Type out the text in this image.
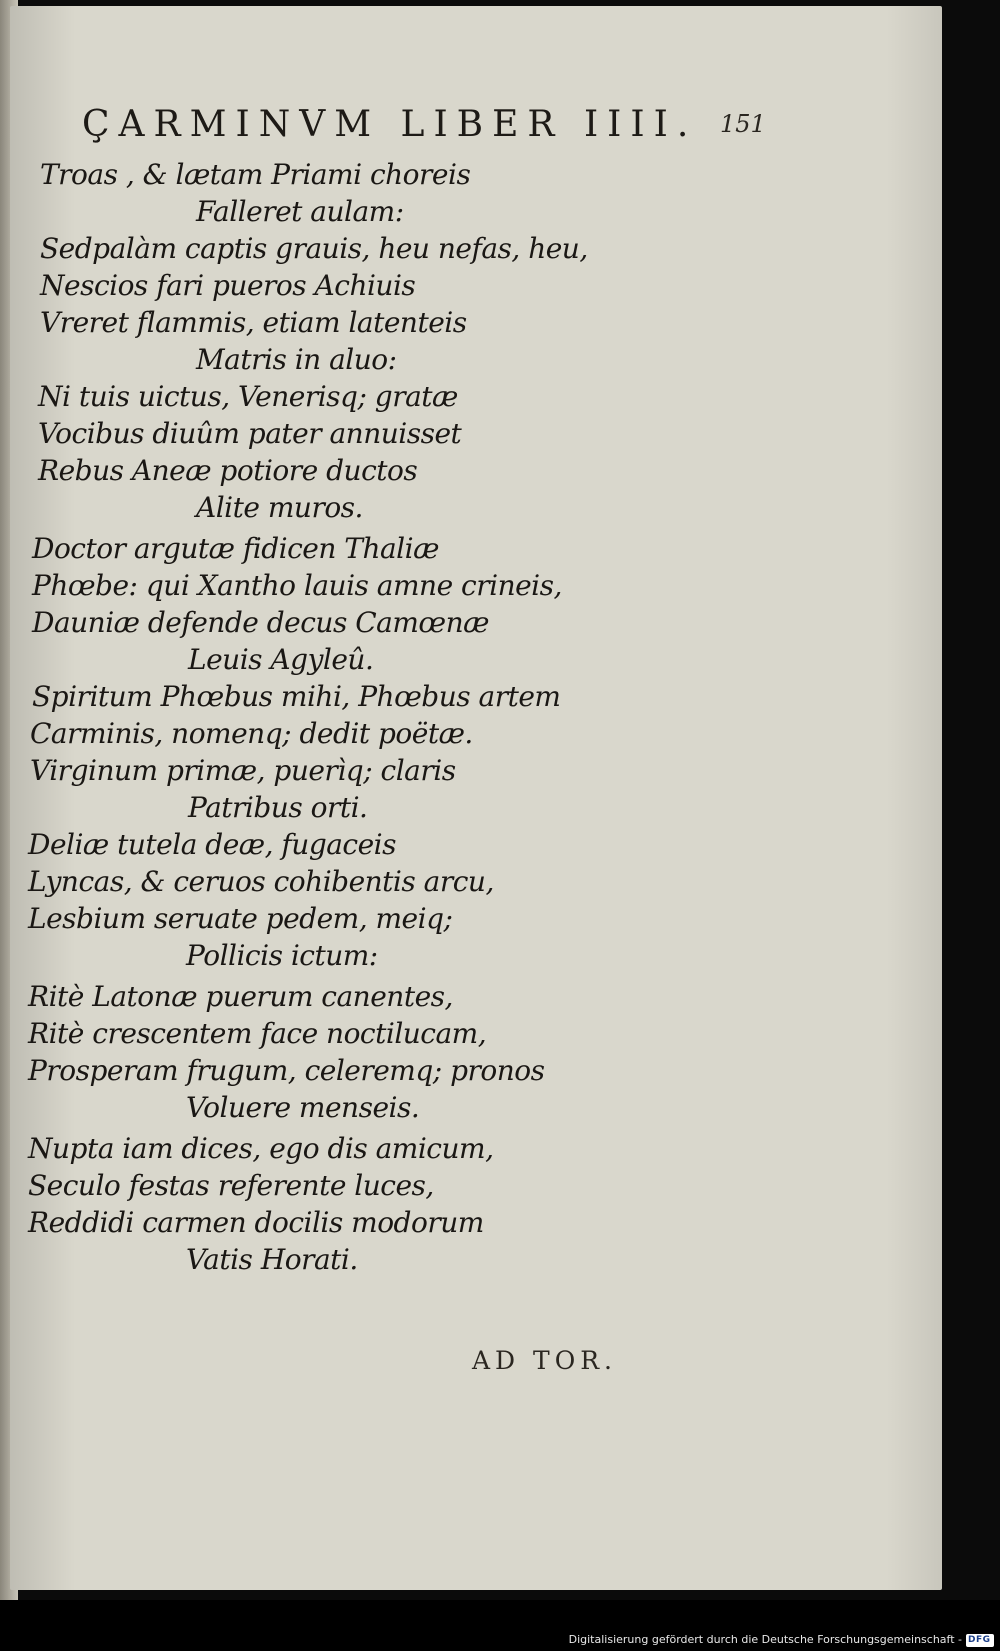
ÇARMINVM LIBER IIII. 151
Troas , & lætam Priami choreis
Falleret aulam:
Sedpalàm captis grauis, heu nefas, heu,
Nescios fari pueros Achiuis
Vreret flammis, etiam latenteis
Matris in aluo:
Ni tuis uictus, Venerisq; gratæ
Vocibus diuûm pater annuisset
Rebus Aneæ potiore ductos
Alite muros.
Doctor argutæ fidicen Thaliæ
Phœbe: qui Xantho lauis amne crineis,
Dauniæ defende decus Camœnæ
Leuis Agyleû.
Spiritum Phœbus mihi, Phœbus artem
Carminis, nomenq; dedit poëtæ.
Virginum primæ, puerìq; claris
Patribus orti.
Deliæ tutela deæ, fugaceis
Lyncas, & ceruos cohibentis arcu,
Lesbium seruate pedem, meiq;
Pollicis ictum:
Ritè Latonæ puerum canentes,
Ritè crescentem face noctilucam,
Prosperam frugum, celeremq; pronos
Voluere menseis.
Nupta iam dices, ego dis amicum,
Seculo festas referente luces,
Reddidi carmen docilis modorum
Vatis Horati.
AD TOR.
Digitalisierung gefördert durch die Deutsche Forschungsgemeinschaft - DFG
